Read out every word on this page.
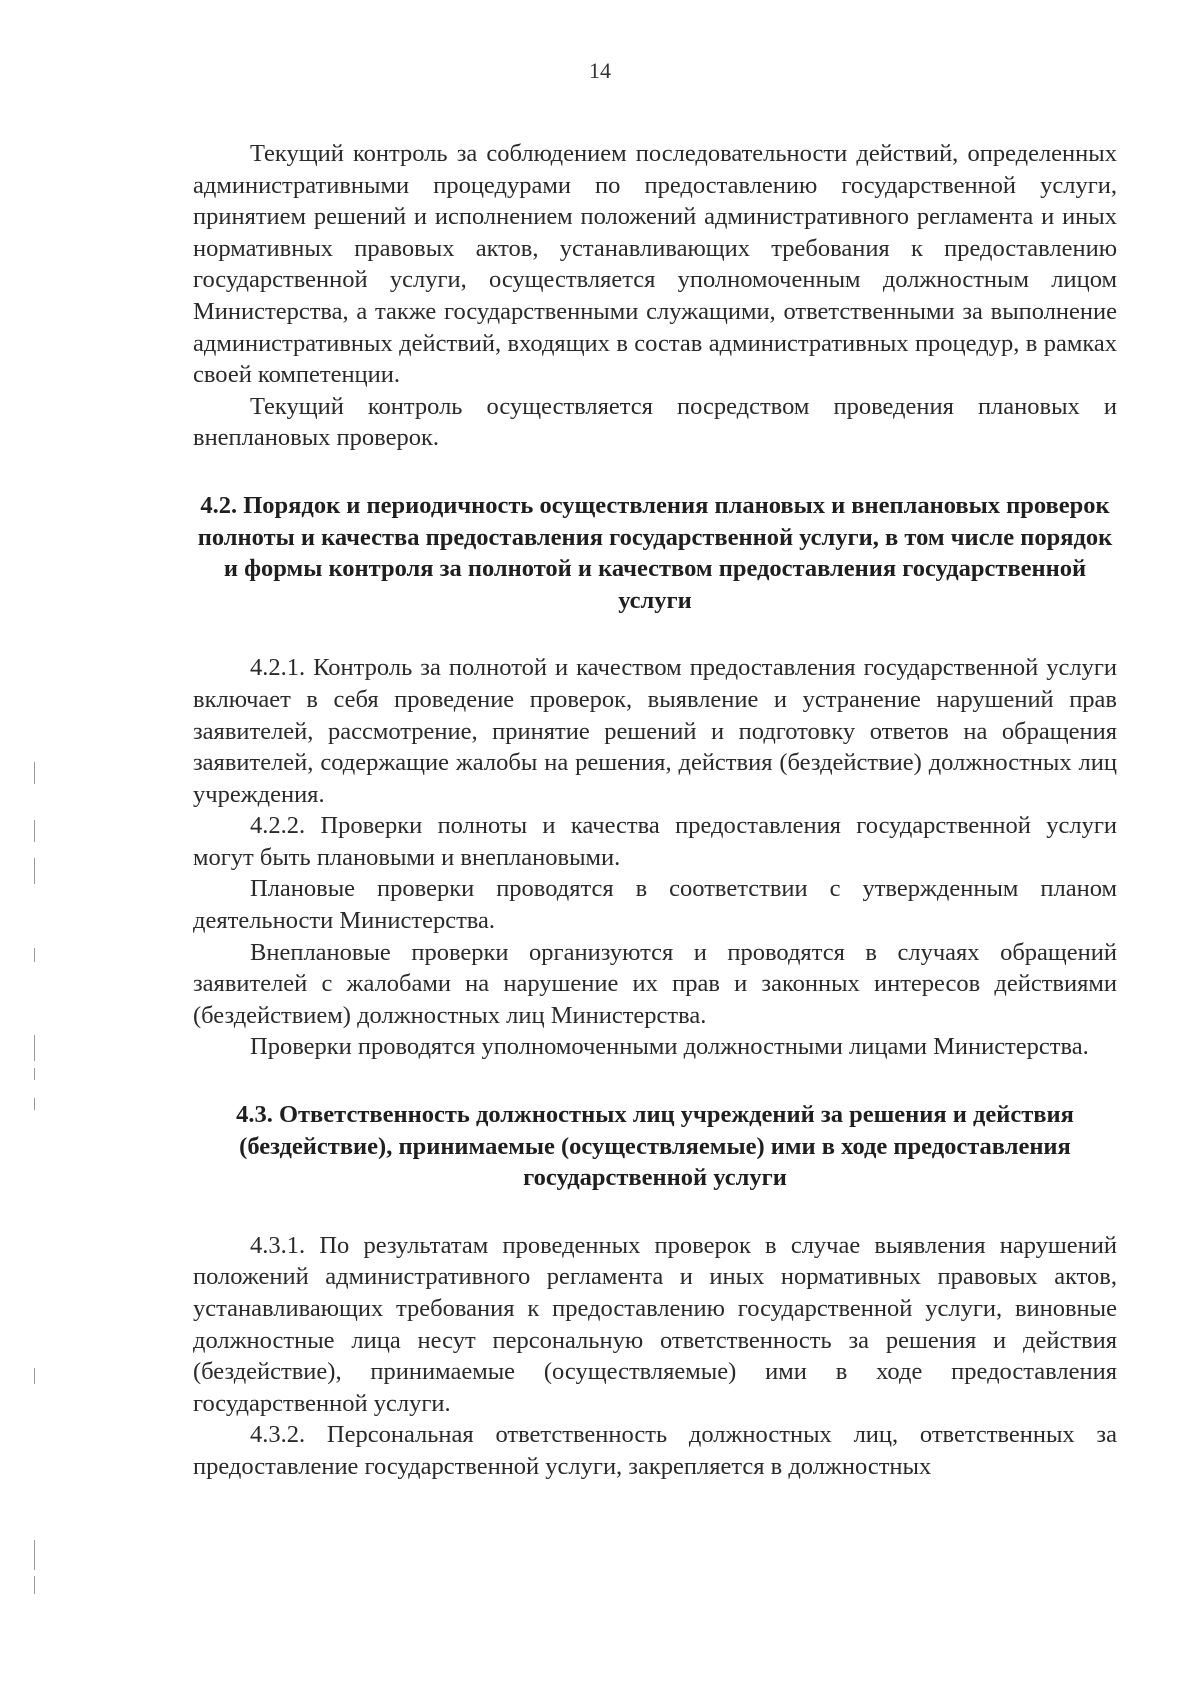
14

Текущий контроль за соблюдением последовательности действий, определенных административными процедурами по предоставлению государственной услуги, принятием решений и исполнением положений административного регламента и иных нормативных правовых актов, устанавливающих требования к предоставлению государственной услуги, осуществляется уполномоченным должностным лицом Министерства, а также государственными служащими, ответственными за выполнение административных действий, входящих в состав административных процедур, в рамках своей компетенции.

Текущий контроль осуществляется посредством проведения плановых и внеплановых проверок.

4.2. Порядок и периодичность осуществления плановых и внеплановых проверок полноты и качества предоставления государственной услуги, в том числе порядок и формы контроля за полнотой и качеством предоставления государственной услуги

4.2.1. Контроль за полнотой и качеством предоставления государственной услуги включает в себя проведение проверок, выявление и устранение нарушений прав заявителей, рассмотрение, принятие решений и подготовку ответов на обращения заявителей, содержащие жалобы на решения, действия (бездействие) должностных лиц учреждения.

4.2.2. Проверки полноты и качества предоставления государственной услуги могут быть плановыми и внеплановыми.

Плановые проверки проводятся в соответствии с утвержденным планом деятельности Министерства.

Внеплановые проверки организуются и проводятся в случаях обращений заявителей с жалобами на нарушение их прав и законных интересов действиями (бездействием) должностных лиц Министерства.

Проверки проводятся уполномоченными должностными лицами Министерства.

4.3. Ответственность должностных лиц учреждений за решения и действия (бездействие), принимаемые (осуществляемые) ими в ходе предоставления государственной услуги

4.3.1. По результатам проведенных проверок в случае выявления нарушений положений административного регламента и иных нормативных правовых актов, устанавливающих требования к предоставлению государственной услуги, виновные должностные лица несут персональную ответственность за решения и действия (бездействие), принимаемые (осуществляемые) ими в ходе предоставления государственной услуги.

4.3.2. Персональная ответственность должностных лиц, ответственных за предоставление государственной услуги, закрепляется в должностных
